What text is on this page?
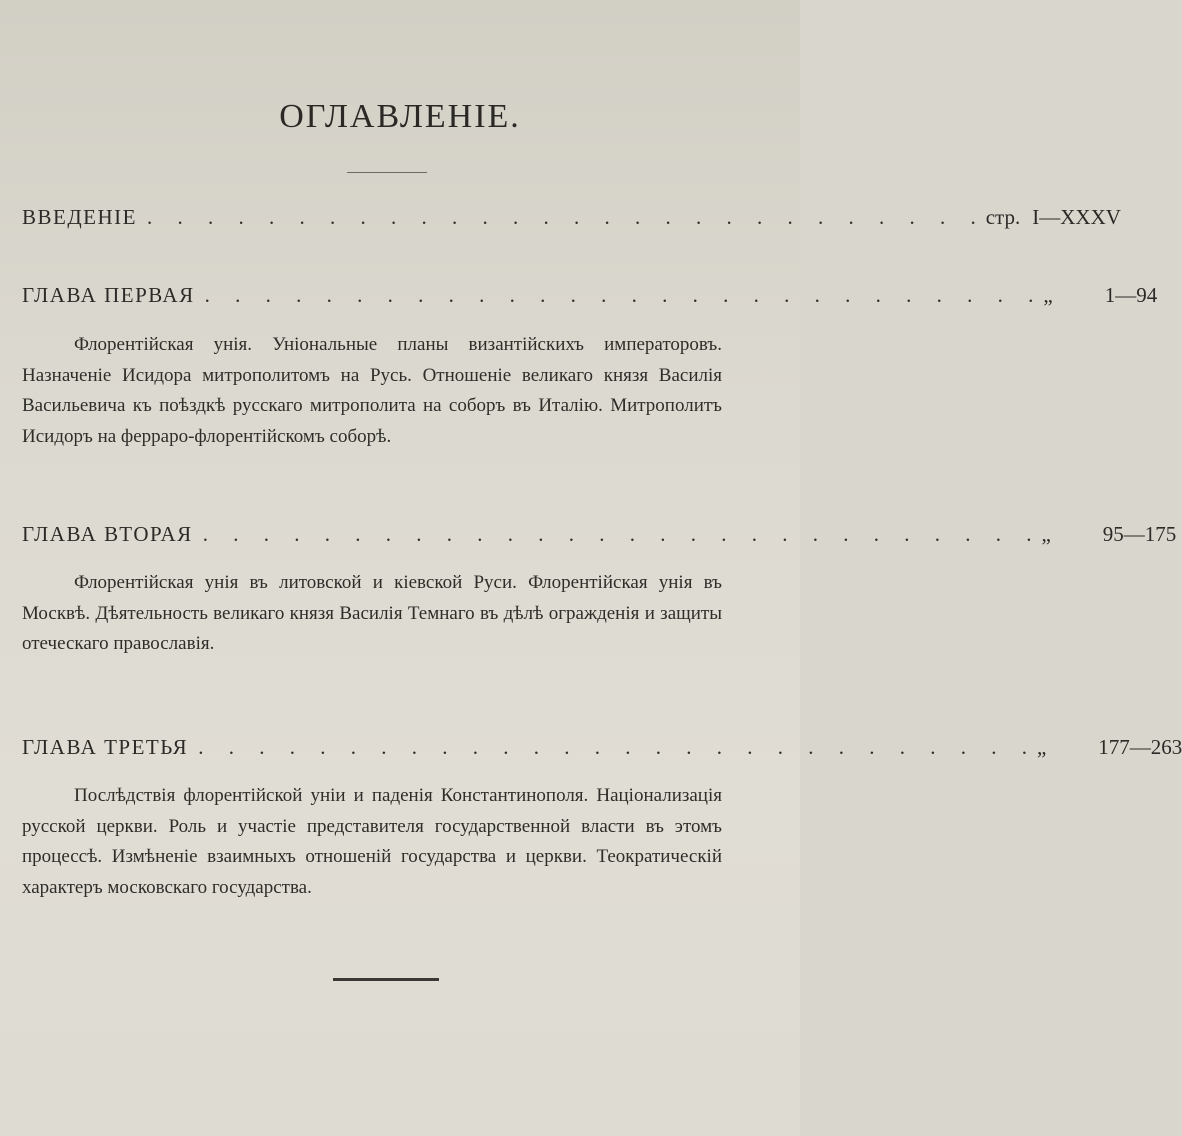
ОГЛАВЛЕНIЕ.
ВВЕДЕНIЕ . . . . . . . . . . . . . . . . . . . . . . . . . . . . стр. I—XXXV
ГЛАВА ПЕРВАЯ . . . . . . . . . . . . . . . . . . . . . . . . . . . . „ 1—94
Флорентiйская унiя. Унiональные планы византiйскихъ императоровъ. Назначенiе Исидора митрополитомъ на Русь. Отношенiе великаго князя Василiя Васильевича къ поѣздкѣ русскаго митрополита на соборъ въ Италiю. Митрополитъ Исидоръ на ферраро-флорентiйскомъ соборѣ.
ГЛАВА ВТОРАЯ . . . . . . . . . . . . . . . . . . . . . . . . . . . . „ 95—175
Флорентiйская унiя въ литовской и кiевской Руси. Флорентiйская унiя въ Москвѣ. Дѣятельность великаго князя Василiя Темнаго въ дѣлѣ огражденiя и защиты отеческаго православiя.
ГЛАВА ТРЕТЬЯ . . . . . . . . . . . . . . . . . . . . . . . . . . . . „ 177—263
Послѣдствiя флорентiйской унiи и паденiя Константинополя. Нацiонализацiя русской церкви. Роль и участiе представителя государственной власти въ этомъ процессѣ. Измѣненiе взаимныхъ отношенiй государства и церкви. Теократическiй характеръ московскаго государства.
